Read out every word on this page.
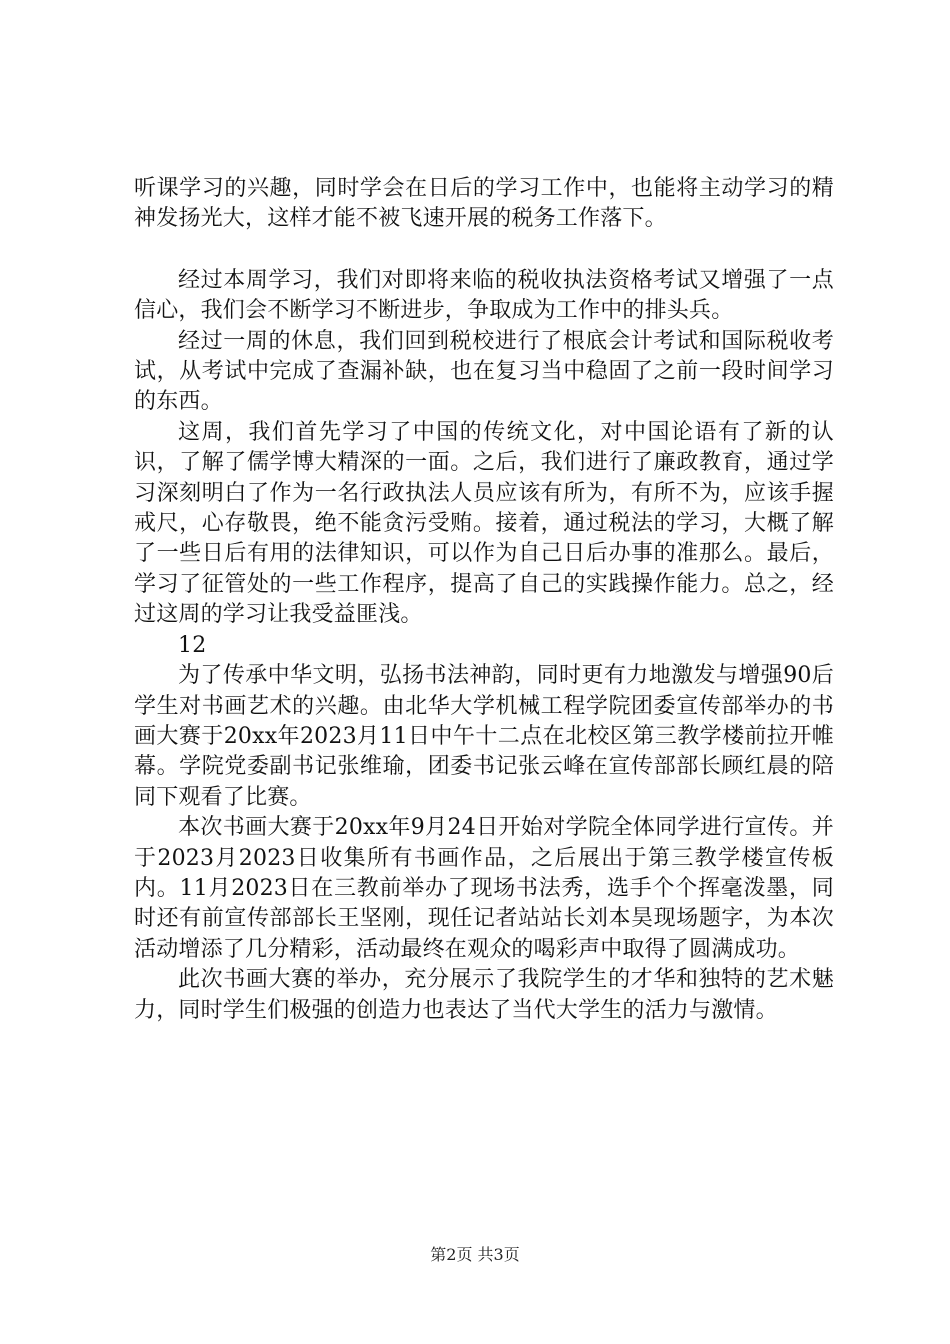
听课学习的兴趣，同时学会在日后的学习工作中，也能将主动学习的精神发扬光大，这样才能不被飞速开展的税务工作落下。

经过本周学习，我们对即将来临的税收执法资格考试又增强了一点信心，我们会不断学习不断进步，争取成为工作中的排头兵。

经过一周的休息，我们回到税校进行了根底会计考试和国际税收考试，从考试中完成了查漏补缺，也在复习当中稳固了之前一段时间学习的东西。

这周，我们首先学习了中国的传统文化，对中国论语有了新的认识，了解了儒学博大精深的一面。之后，我们进行了廉政教育，通过学习深刻明白了作为一名行政执法人员应该有所为，有所不为，应该手握戒尺，心存敬畏，绝不能贪污受贿。接着，通过税法的学习，大概了解了一些日后有用的法律知识，可以作为自己日后办事的准那么。最后，学习了征管处的一些工作程序，提高了自己的实践操作能力。总之，经过这周的学习让我受益匪浅。

12

为了传承中华文明，弘扬书法神韵，同时更有力地激发与增强90后学生对书画艺术的兴趣。由北华大学机械工程学院团委宣传部举办的书画大赛于20xx年2023月11日中午十二点在北校区第三教学楼前拉开帷幕。学院党委副书记张维瑜，团委书记张云峰在宣传部部长顾红晨的陪同下观看了比赛。

本次书画大赛于20xx年9月24日开始对学院全体同学进行宣传。并于2023月2023日收集所有书画作品，之后展出于第三教学楼宣传板内。11月2023日在三教前举办了现场书法秀，选手个个挥毫泼墨，同时还有前宣传部部长王坚刚，现任记者站站长刘本昊现场题字，为本次活动增添了几分精彩，活动最终在观众的喝彩声中取得了圆满成功。

此次书画大赛的举办，充分展示了我院学生的才华和独特的艺术魅力，同时学生们极强的创造力也表达了当代大学生的活力与激情。

第2页 共3页
